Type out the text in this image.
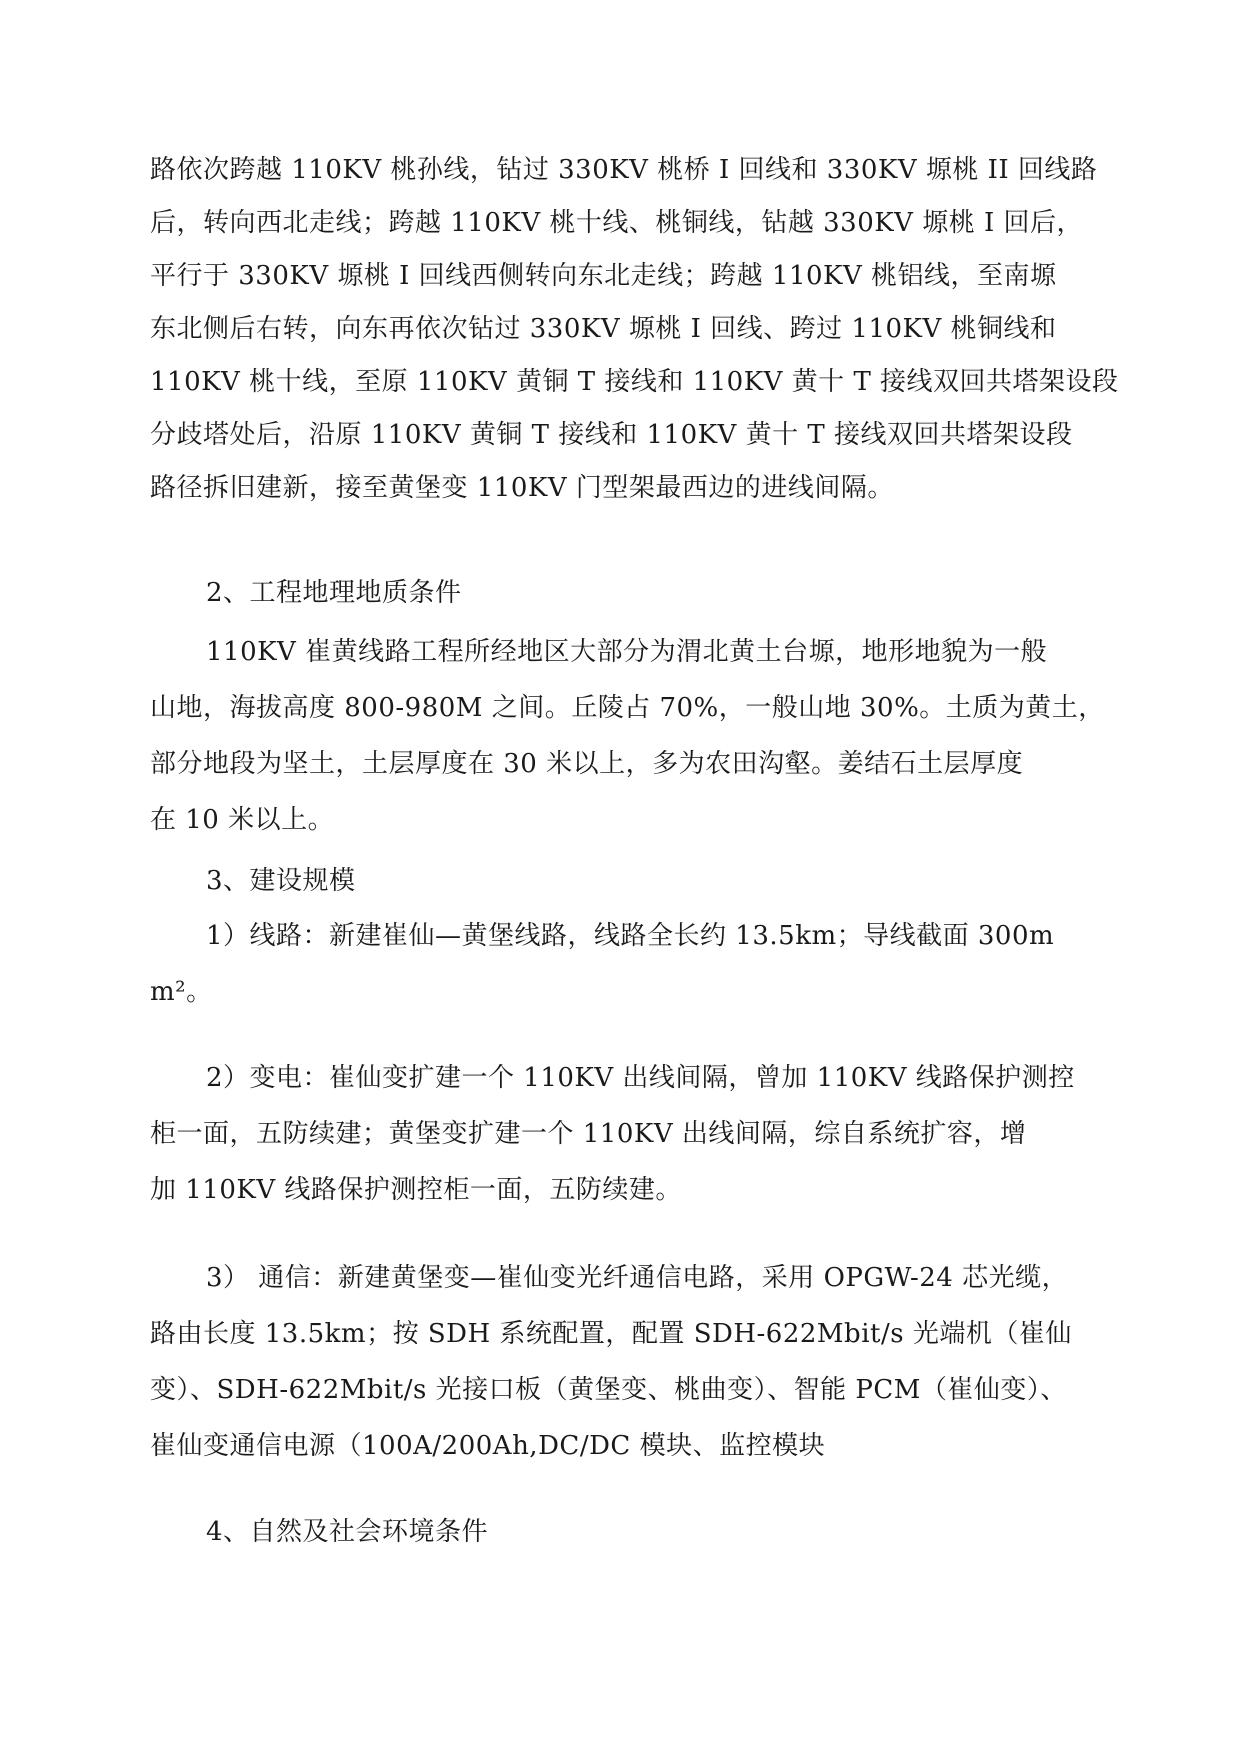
路依次跨越 110KV 桃孙线，钻过 330KV 桃桥 I 回线和 330KV 塬桃 II 回线路
后，转向西北走线；跨越 110KV 桃十线、桃铜线，钻越 330KV 塬桃 I 回后，
平行于 330KV 塬桃 I 回线西侧转向东北走线；跨越 110KV 桃铝线，至南塬
东北侧后右转，向东再依次钻过 330KV 塬桃 I 回线、跨过 110KV 桃铜线和
110KV 桃十线，至原 110KV 黄铜 T 接线和 110KV 黄十 T 接线双回共塔架设段
分歧塔处后，沿原 110KV 黄铜 T 接线和 110KV 黄十 T 接线双回共塔架设段
路径拆旧建新，接至黄堡变 110KV 门型架最西边的进线间隔。
2、工程地理地质条件
110KV 崔黄线路工程所经地区大部分为渭北黄土台塬，地形地貌为一般
山地，海拔高度 800-980M 之间。丘陵占 70%，一般山地 30%。土质为黄土，
部分地段为坚土，土层厚度在 30 米以上，多为农田沟壑。姜结石土层厚度
在 10 米以上。
3、建设规模
1）线路：新建崔仙—黄堡线路，线路全长约 13.5km；导线截面 300m
m²。
2）变电：崔仙变扩建一个 110KV 出线间隔，曾加 110KV 线路保护测控
柜一面，五防续建；黄堡变扩建一个 110KV 出线间隔，综自系统扩容，增
加 110KV 线路保护测控柜一面，五防续建。
3） 通信：新建黄堡变—崔仙变光纤通信电路，采用 OPGW-24 芯光缆，
路由长度 13.5km；按 SDH 系统配置，配置 SDH-622Mbit/s 光端机（崔仙
变）、SDH-622Mbit/s 光接口板（黄堡变、桃曲变）、智能 PCM（崔仙变）、
崔仙变通信电源（100A/200Ah,DC/DC 模块、监控模块
4、自然及社会环境条件
